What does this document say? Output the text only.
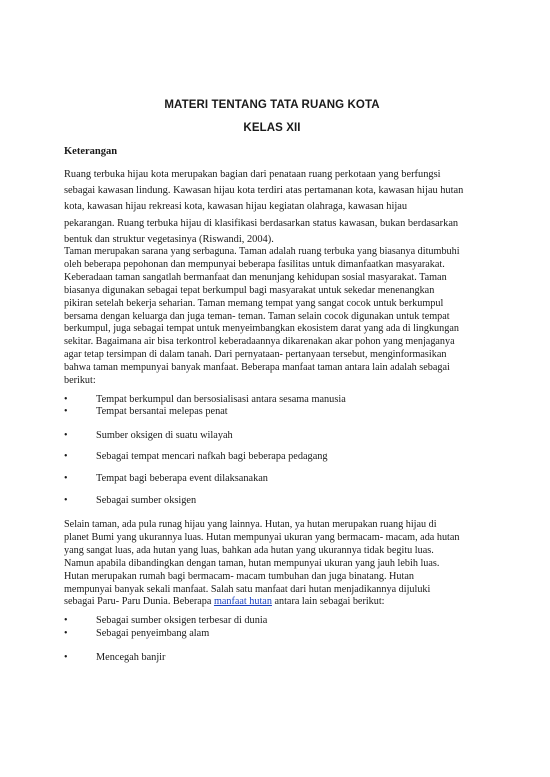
MATERI TENTANG TATA RUANG KOTA
KELAS XII
Keterangan
Ruang terbuka hijau kota merupakan bagian dari penataan ruang perkotaan yang berfungsi
sebagai kawasan lindung. Kawasan hijau kota terdiri atas pertamanan kota, kawasan hijau hutan
kota, kawasan hijau rekreasi kota, kawasan hijau kegiatan olahraga, kawasan hijau
pekarangan. Ruang terbuka hijau di klasifikasi berdasarkan status kawasan, bukan berdasarkan
bentuk dan struktur vegetasinya (Riswandi, 2004).
Taman merupakan sarana yang serbaguna. Taman adalah ruang terbuka yang biasanya ditumbuhi
oleh beberapa pepohonan dan mempunyai beberapa fasilitas untuk dimanfaatkan masyarakat.
Keberadaan taman sangatlah bermanfaat dan menunjang kehidupan sosial masyarakat. Taman
biasanya digunakan sebagai tepat berkumpul bagi masyarakat untuk sekedar menenangkan
pikiran setelah bekerja seharian. Taman memang tempat yang sangat cocok untuk berkumpul
bersama dengan keluarga dan juga teman- teman. Taman selain cocok digunakan untuk tempat
berkumpul, juga sebagai tempat untuk menyeimbangkan ekosistem darat yang ada di lingkungan
sekitar. Bagaimana air bisa terkontrol keberadaannya dikarenakan akar pohon yang menjaganya
agar tetap tersimpan di dalam tanah. Dari pernyataan- pertanyaan tersebut, menginformasikan
bahwa taman mempunyai banyak manfaat. Beberapa manfaat taman antara lain adalah sebagai
berikut:
•	Tempat berkumpul dan bersosialisasi antara sesama manusia
•	Tempat bersantai melepas penat
•	Sumber oksigen di suatu wilayah
•	Sebagai tempat mencari nafkah bagi beberapa pedagang
•	Tempat bagi beberapa event dilaksanakan
•	Sebagai sumber oksigen
Selain taman, ada pula runag hijau yang lainnya. Hutan, ya hutan merupakan ruang hijau di
planet Bumi yang ukurannya luas. Hutan mempunyai ukuran yang bermacam- macam, ada hutan
yang sangat luas, ada hutan yang luas, bahkan ada hutan yang ukurannya tidak begitu luas.
Namun apabila dibandingkan dengan taman, hutan mempunyai ukuran yang jauh lebih luas.
Hutan merupakan rumah bagi bermacam- macam tumbuhan dan juga binatang. Hutan
mempunyai banyak sekali manfaat. Salah satu manfaat dari hutan menjadikannya dijuluki
sebagai Paru- Paru Dunia. Beberapa manfaat hutan antara lain sebagai berikut:
•	Sebagai sumber oksigen terbesar di dunia
•	Sebagai penyeimbang alam
•	Mencegah banjir
